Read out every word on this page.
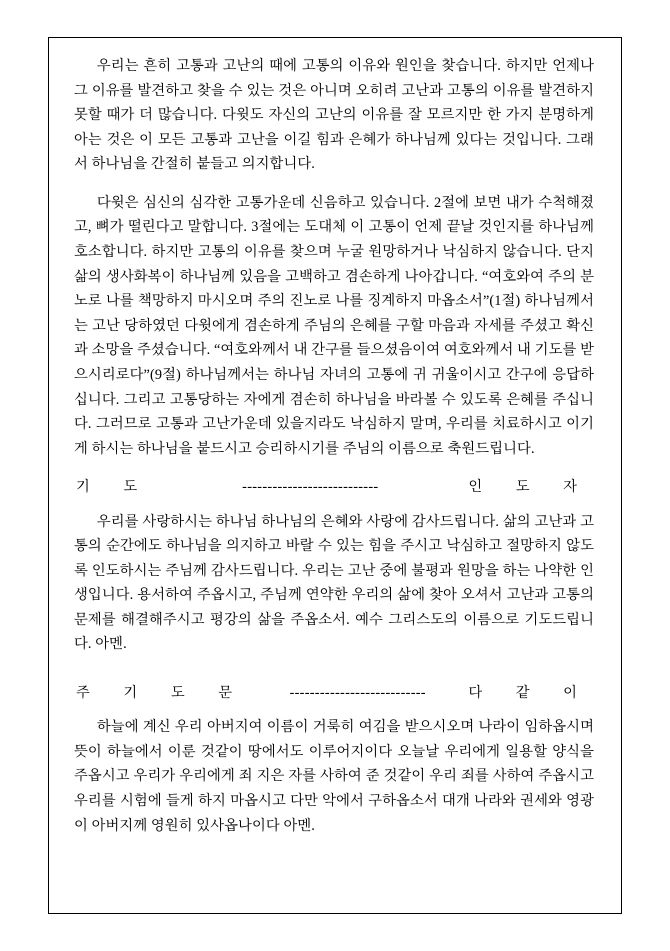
우리는 흔히 고통과 고난의 때에 고통의 이유와 원인을 찾습니다. 하지만 언제나 그 이유를 발견하고 찾을 수 있는 것은 아니며 오히려 고난과 고통의 이유를 발견하지 못할 때가 더 많습니다. 다윗도 자신의 고난의 이유를 잘 모르지만 한 가지 분명하게 아는 것은 이 모든 고통과 고난을 이길 힘과 은혜가 하나님께 있다는 것입니다. 그래서 하나님을 간절히 붙들고 의지합니다.

다윗은 심신의 심각한 고통가운데 신음하고 있습니다. 2절에 보면 내가 수척해졌고, 뼈가 떨린다고 말합니다. 3절에는 도대체 이 고통이 언제 끝날 것인지를 하나님께 호소합니다. 하지만 고통의 이유를 찾으며 누굴 원망하거나 낙심하지 않습니다. 단지 삶의 생사화복이 하나님께 있음을 고백하고 겸손하게 나아갑니다. “여호와여 주의 분노로 나를 책망하지 마시오며 주의 진노로 나를 징계하지 마옵소서”(1절) 하나님께서는 고난 당하였던 다윗에게 겸손하게 주님의 은혜를 구할 마음과 자세를 주셨고 확신과 소망을 주셨습니다. “여호와께서 내 간구를 들으셨음이여 여호와께서 내 기도를 받으시리로다”(9절) 하나님께서는 하나님 자녀의 고통에 귀 귀울이시고 간구에 응답하십니다. 그리고 고통당하는 자에게 겸손히 하나님을 바라볼 수 있도록 은혜를 주십니다. 그러므로 고통과 고난가운데 있을지라도 낙심하지 말며, 우리를 치료하시고 이기게 하시는 하나님을 붙드시고 승리하시기를 주님의 이름으로 축원드립니다.

기 도	---------------------------	인 도 자

우리를 사랑하시는 하나님 하나님의 은혜와 사랑에 감사드립니다. 삶의 고난과 고통의 순간에도 하나님을 의지하고 바랄 수 있는 힘을 주시고 낙심하고 절망하지 않도록 인도하시는 주님께 감사드립니다. 우리는 고난 중에 불평과 원망을 하는 나약한 인생입니다. 용서하여 주옵시고, 주님께 연약한 우리의 삶에 찾아 오셔서 고난과 고통의 문제를 해결해주시고 평강의 삶을 주옵소서. 예수 그리스도의 이름으로 기도드립니다. 아멘.

주 기 도 문	---------------------------	다 같 이

하늘에 계신 우리 아버지여 이름이 거룩히 여김을 받으시오며 나라이 임하옵시며 뜻이 하늘에서 이룬 것같이 땅에서도 이루어지이다 오늘날 우리에게 일용할 양식을 주옵시고 우리가 우리에게 죄 지은 자를 사하여 준 것같이 우리 죄를 사하여 주옵시고 우리를 시험에 들게 하지 마옵시고 다만 악에서 구하옵소서 대개 나라와 권세와 영광이 아버지께 영원히 있사옵나이다 아멘.
